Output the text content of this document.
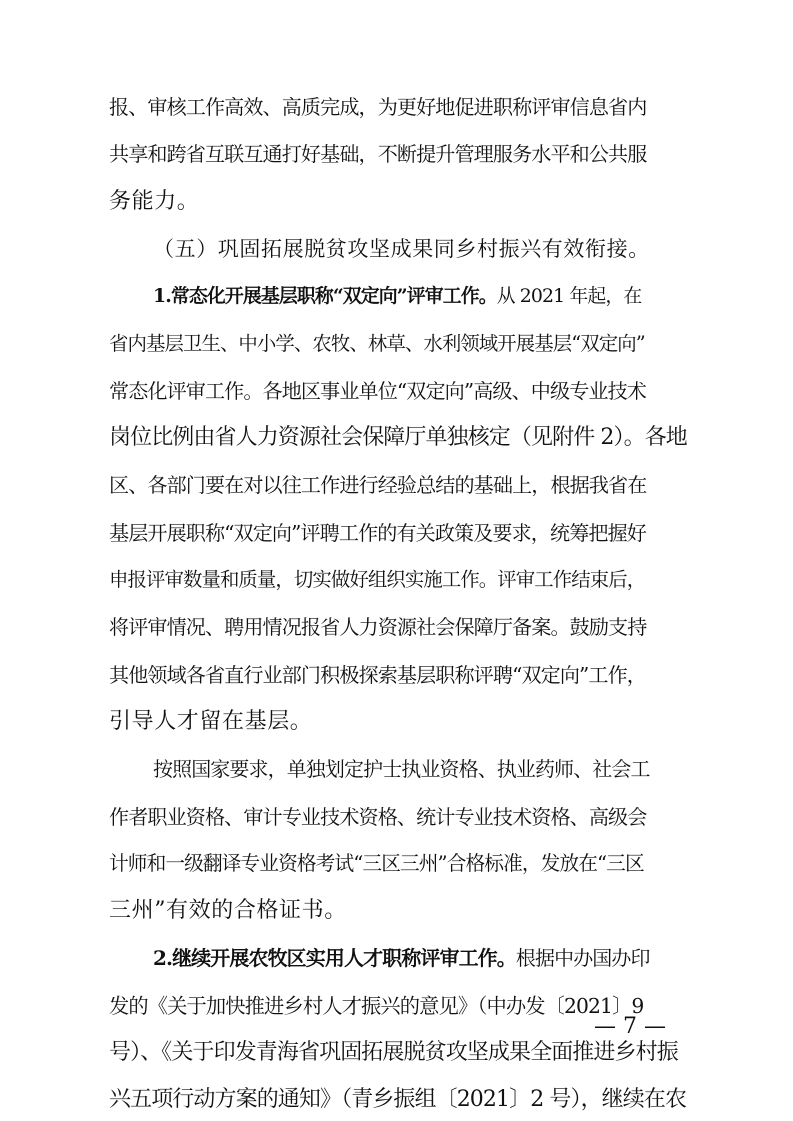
报、审核工作高效、高质完成，为更好地促进职称评审信息省内
共享和跨省互联互通打好基础，不断提升管理服务水平和公共服
务能力。
（五）巩固拓展脱贫攻坚成果同乡村振兴有效衔接。
1.常态化开展基层职称“双定向”评审工作。从 2021 年起，在
省内基层卫生、中小学、农牧、林草、水利领域开展基层“双定向”
常态化评审工作。各地区事业单位“双定向”高级、中级专业技术
岗位比例由省人力资源社会保障厅单独核定（见附件 2）。各地
区、各部门要在对以往工作进行经验总结的基础上，根据我省在
基层开展职称“双定向”评聘工作的有关政策及要求，统筹把握好
申报评审数量和质量，切实做好组织实施工作。评审工作结束后，
将评审情况、聘用情况报省人力资源社会保障厅备案。鼓励支持
其他领域各省直行业部门积极探索基层职称评聘“双定向”工作，
引导人才留在基层。
按照国家要求，单独划定护士执业资格、执业药师、社会工
作者职业资格、审计专业技术资格、统计专业技术资格、高级会
计师和一级翻译专业资格考试“三区三州”合格标准，发放在“三区
三州”有效的合格证书。
2.继续开展农牧区实用人才职称评审工作。根据中办国办印
发的《关于加快推进乡村人才振兴的意见》（中办发〔2021〕9
号）、《关于印发青海省巩固拓展脱贫攻坚成果全面推进乡村振
兴五项行动方案的通知》（青乡振组〔2021〕2 号），继续在农
— 7 —
